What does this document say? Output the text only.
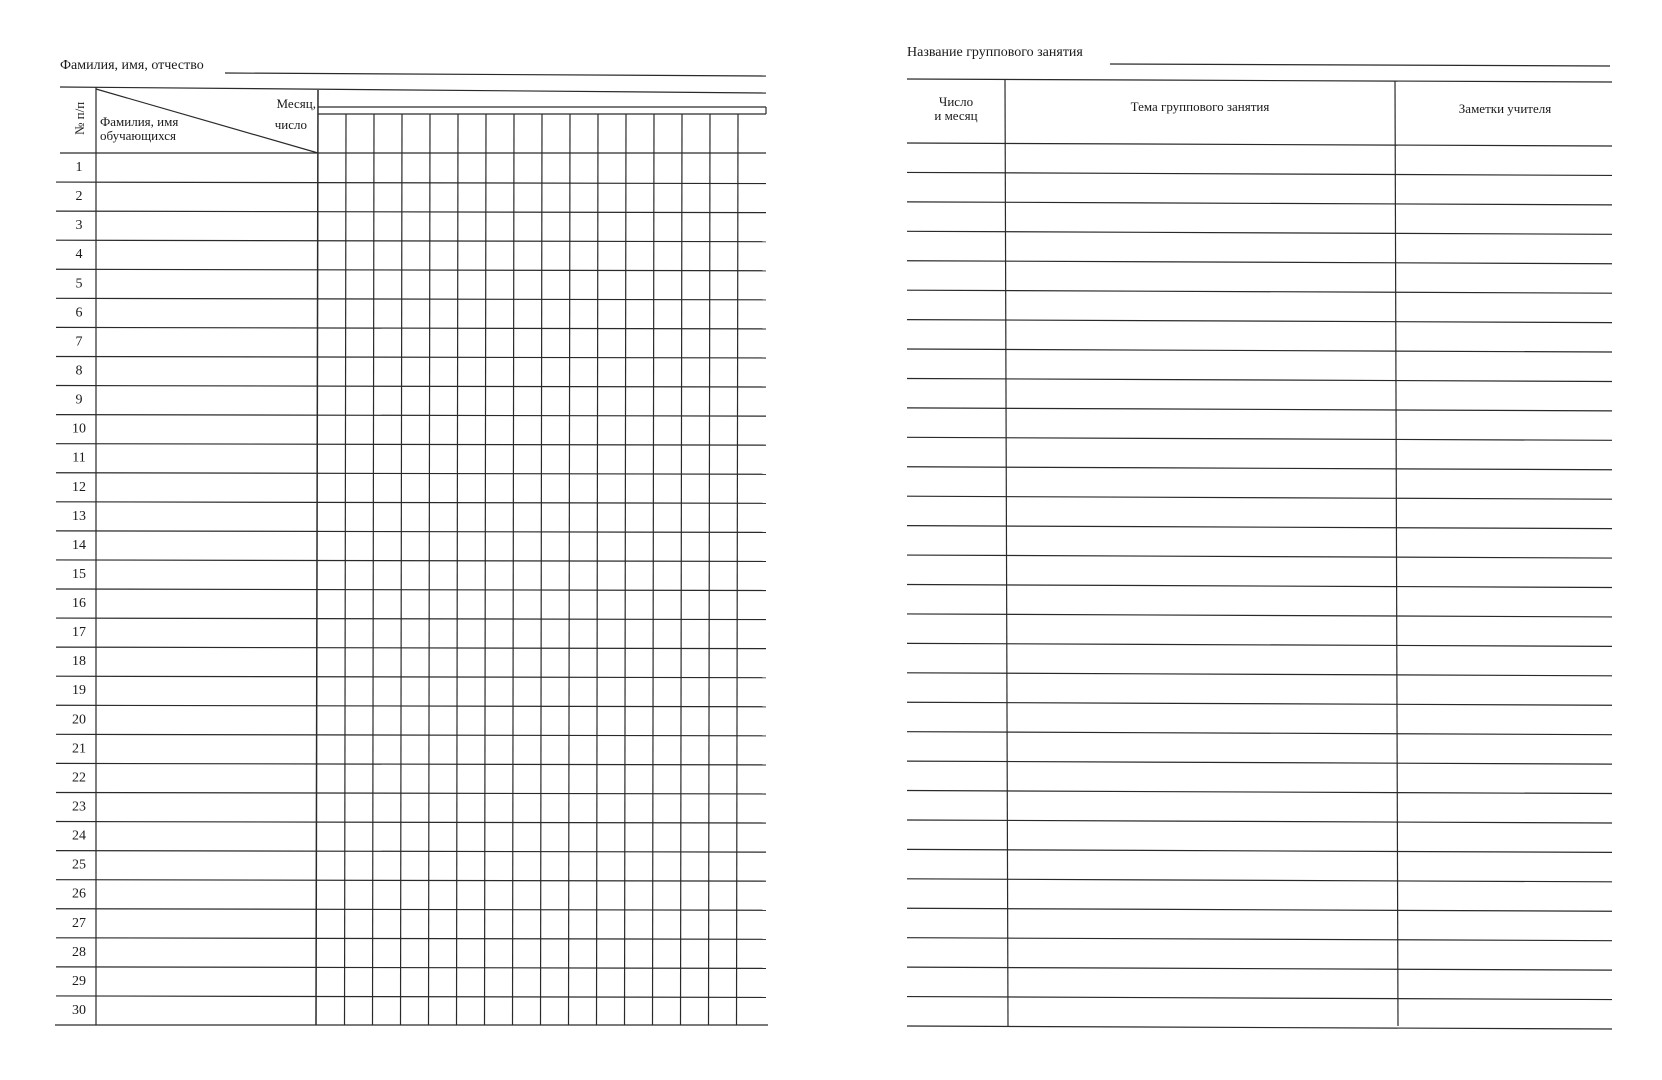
Фамилия, имя, отчество
1
2
3
4
5
6
7
8
9
10
11
12
13
14
15
16
17
18
19
20
21
22
23
24
25
26
27
28
29
30
№ п/п Фамилия, имя
обучающихся
Месяц,
число
Название группового занятия
Число
и месяц
Тема группового занятия	Заметки учителя
